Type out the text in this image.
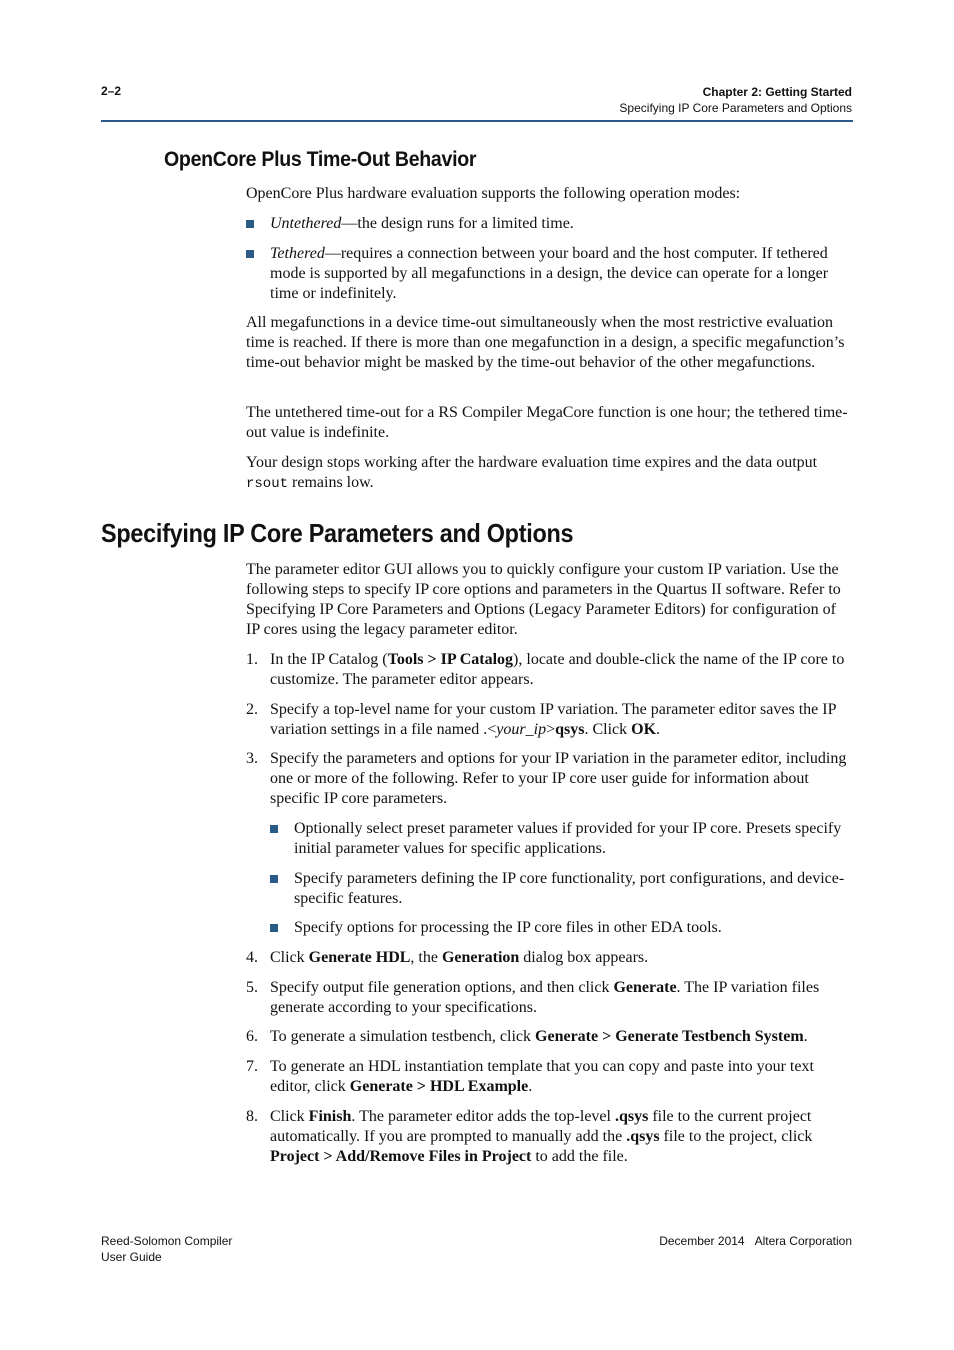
2–2	Chapter 2: Getting Started
Specifying IP Core Parameters and Options
OpenCore Plus Time-Out Behavior
OpenCore Plus hardware evaluation supports the following operation modes:
Untethered—the design runs for a limited time.
Tethered—requires a connection between your board and the host computer. If tethered mode is supported by all megafunctions in a design, the device can operate for a longer time or indefinitely.
All megafunctions in a device time-out simultaneously when the most restrictive evaluation time is reached. If there is more than one megafunction in a design, a specific megafunction’s time-out behavior might be masked by the time-out behavior of the other megafunctions.
The untethered time-out for a RS Compiler MegaCore function is one hour; the tethered time-out value is indefinite.
Your design stops working after the hardware evaluation time expires and the data output rsout remains low.
Specifying IP Core Parameters and Options
The parameter editor GUI allows you to quickly configure your custom IP variation. Use the following steps to specify IP core options and parameters in the Quartus II software. Refer to Specifying IP Core Parameters and Options (Legacy Parameter Editors) for configuration of IP cores using the legacy parameter editor.
1. In the IP Catalog (Tools > IP Catalog), locate and double-click the name of the IP core to customize. The parameter editor appears.
2. Specify a top-level name for your custom IP variation. The parameter editor saves the IP variation settings in a file named .<your_ip>qsys. Click OK.
3. Specify the parameters and options for your IP variation in the parameter editor, including one or more of the following. Refer to your IP core user guide for information about specific IP core parameters.
Optionally select preset parameter values if provided for your IP core. Presets specify initial parameter values for specific applications.
Specify parameters defining the IP core functionality, port configurations, and device-specific features.
Specify options for processing the IP core files in other EDA tools.
4. Click Generate HDL, the Generation dialog box appears.
5. Specify output file generation options, and then click Generate. The IP variation files generate according to your specifications.
6. To generate a simulation testbench, click Generate > Generate Testbench System.
7. To generate an HDL instantiation template that you can copy and paste into your text editor, click Generate > HDL Example.
8. Click Finish. The parameter editor adds the top-level .qsys file to the current project automatically. If you are prompted to manually add the .qsys file to the project, click Project > Add/Remove Files in Project to add the file.
Reed-Solomon Compiler
User Guide
December 2014 Altera Corporation
